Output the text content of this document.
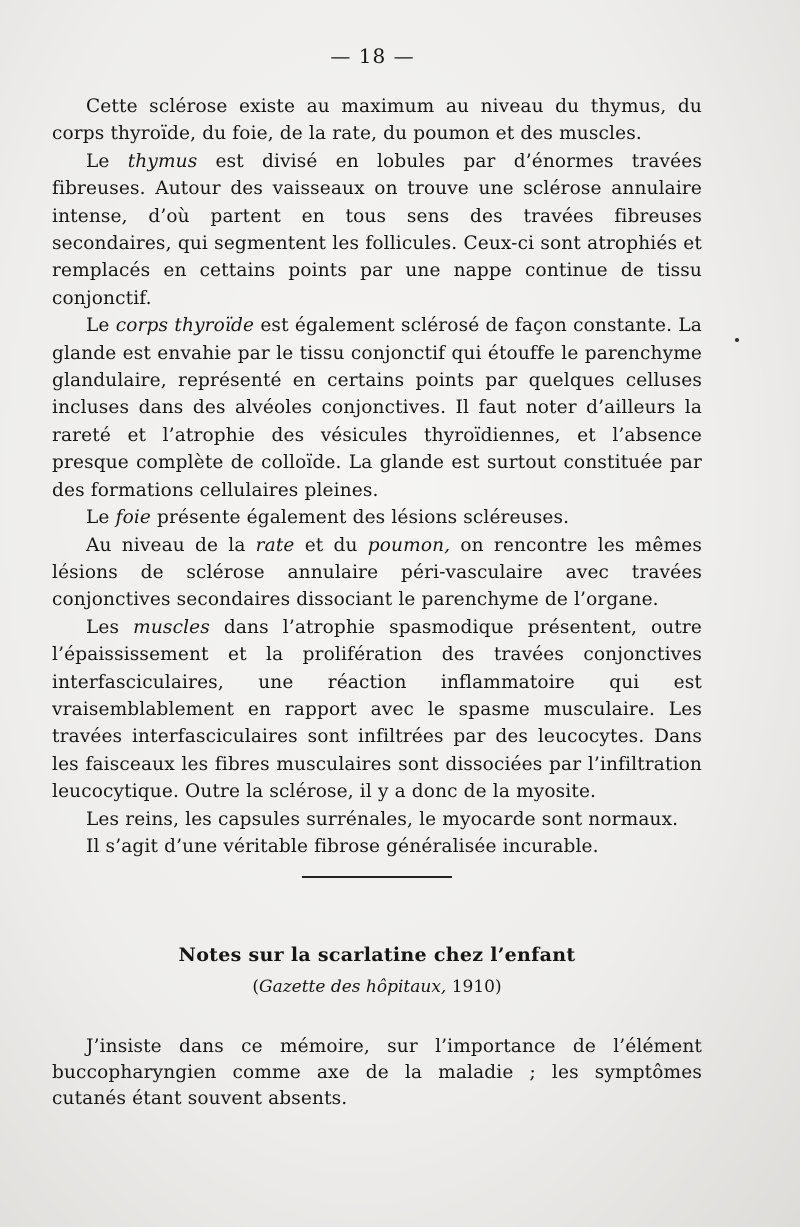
— 18 —

Cette sclérose existe au maximum au niveau du thymus, du corps thyroïde, du foie, de la rate, du poumon et des muscles.

Le thymus est divisé en lobules par d’énormes travées fibreuses. Autour des vaisseaux on trouve une sclérose annulaire intense, d’où partent en tous sens des travées fibreuses secondaires, qui segmentent les follicules. Ceux-ci sont atrophiés et remplacés en cettains points par une nappe continue de tissu conjonctif.

Le corps thyroïde est également sclérosé de façon constante. La glande est envahie par le tissu conjonctif qui étouffe le parenchyme glandulaire, représenté en certains points par quelques celluses incluses dans des alvéoles conjonctives. Il faut noter d’ailleurs la rareté et l’atrophie des vésicules thyroïdiennes, et l’absence presque complète de colloïde. La glande est surtout constituée par des formations cellulaires pleines.

Le foie présente également des lésions scléreuses.

Au niveau de la rate et du poumon, on rencontre les mêmes lésions de sclérose annulaire péri-vasculaire avec travées conjonctives secondaires dissociant le parenchyme de l’organe.

Les muscles dans l’atrophie spasmodique présentent, outre l’épaississement et la prolifération des travées conjonctives interfasciculaires, une réaction inflammatoire qui est vraisemblablement en rapport avec le spasme musculaire. Les travées interfasciculaires sont infiltrées par des leucocytes. Dans les faisceaux les fibres musculaires sont dissociées par l’infiltration leucocytique. Outre la sclérose, il y a donc de la myosite.

Les reins, les capsules surrénales, le myocarde sont normaux.

Il s’agit d’une véritable fibrose généralisée incurable.

Notes sur la scarlatine chez l’enfant
(Gazette des hôpitaux, 1910)

J’insiste dans ce mémoire, sur l’importance de l’élément buccopharyngien comme axe de la maladie ; les symptômes cutanés étant souvent absents.
